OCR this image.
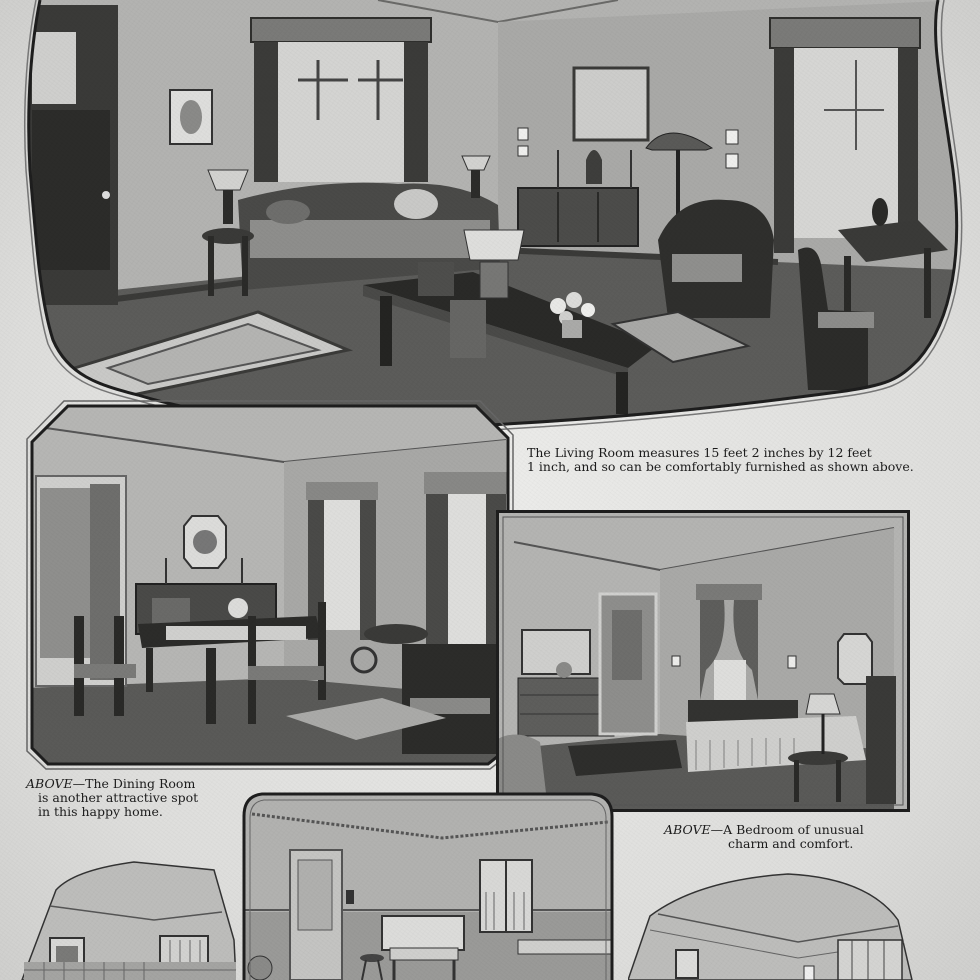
The Living Room measures 15 feet 2 inches by 12 feet
1 inch, and so can be comfortably furnished as shown above.
ABOVE—The Dining Room
is another attractive spot
in this happy home.
ABOVE—A Bedroom of unusual
charm and comfort.
